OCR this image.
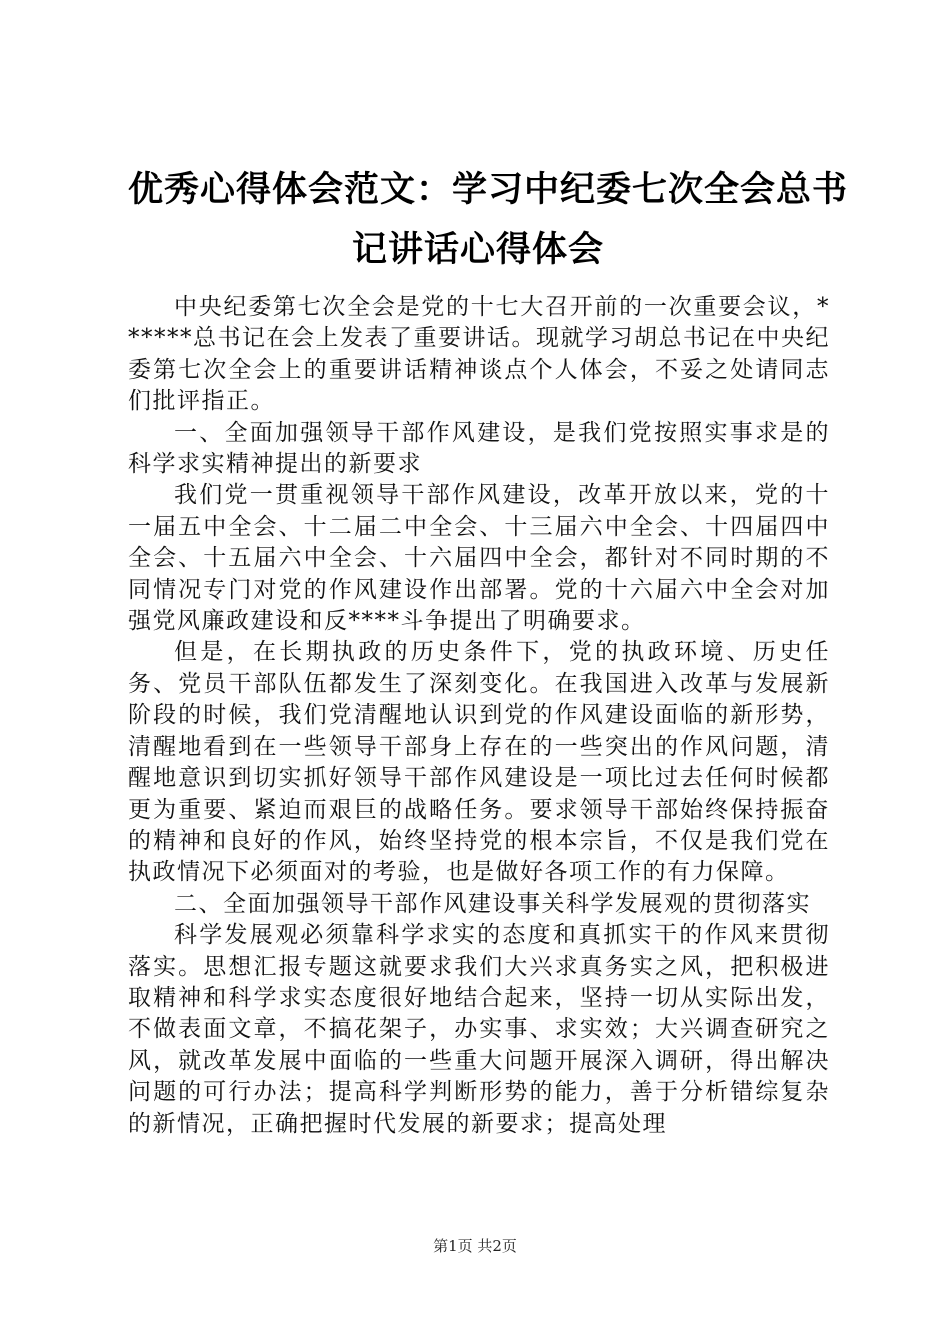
优秀心得体会范文：学习中纪委七次全会总书
记讲话心得体会

中央纪委第七次全会是党的十七大召开前的一次重要会议，******总书记在会上发表了重要讲话。现就学习胡总书记在中央纪委第七次全会上的重要讲话精神谈点个人体会，不妥之处请同志们批评指正。

一、全面加强领导干部作风建设，是我们党按照实事求是的科学求实精神提出的新要求

我们党一贯重视领导干部作风建设，改革开放以来，党的十一届五中全会、十二届二中全会、十三届六中全会、十四届四中全会、十五届六中全会、十六届四中全会，都针对不同时期的不同情况专门对党的作风建设作出部署。党的十六届六中全会对加强党风廉政建设和反****斗争提出了明确要求。

但是，在长期执政的历史条件下，党的执政环境、历史任务、党员干部队伍都发生了深刻变化。在我国进入改革与发展新阶段的时候，我们党清醒地认识到党的作风建设面临的新形势，清醒地看到在一些领导干部身上存在的一些突出的作风问题，清醒地意识到切实抓好领导干部作风建设是一项比过去任何时候都更为重要、紧迫而艰巨的战略任务。要求领导干部始终保持振奋的精神和良好的作风，始终坚持党的根本宗旨，不仅是我们党在执政情况下必须面对的考验，也是做好各项工作的有力保障。

二、全面加强领导干部作风建设事关科学发展观的贯彻落实

科学发展观必须靠科学求实的态度和真抓实干的作风来贯彻落实。思想汇报专题这就要求我们大兴求真务实之风，把积极进取精神和科学求实态度很好地结合起来，坚持一切从实际出发，不做表面文章，不搞花架子，办实事、求实效；大兴调查研究之风，就改革发展中面临的一些重大问题开展深入调研，得出解决问题的可行办法；提高科学判断形势的能力，善于分析错综复杂的新情况，正确把握时代发展的新要求；提高处理

第1页 共2页
